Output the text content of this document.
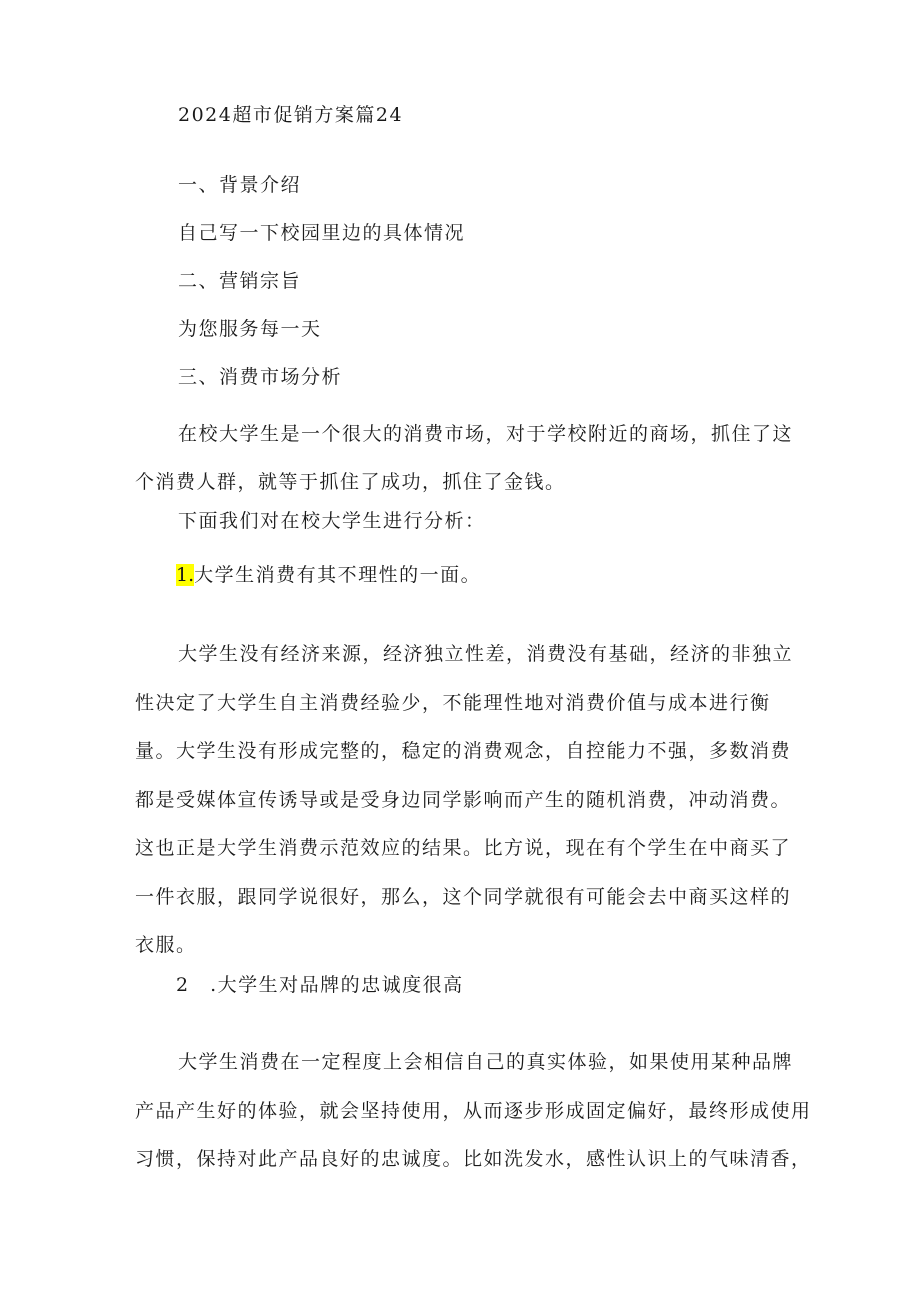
2024超市促销方案篇24
一、背景介绍
自己写一下校园里边的具体情况
二、营销宗旨
为您服务每一天
三、消费市场分析
在校大学生是一个很大的消费市场，对于学校附近的商场，抓住了这
个消费人群，就等于抓住了成功，抓住了金钱。
下面我们对在校大学生进行分析：
1.大学生消费有其不理性的一面。
大学生没有经济来源，经济独立性差，消费没有基础，经济的非独立
性决定了大学生自主消费经验少，不能理性地对消费价值与成本进行衡
量。大学生没有形成完整的，稳定的消费观念，自控能力不强，多数消费
都是受媒体宣传诱导或是受身边同学影响而产生的随机消费，冲动消费。
这也正是大学生消费示范效应的结果。比方说，现在有个学生在中商买了
一件衣服，跟同学说很好，那么，这个同学就很有可能会去中商买这样的
衣服。
2　.大学生对品牌的忠诚度很高
大学生消费在一定程度上会相信自己的真实体验，如果使用某种品牌
产品产生好的体验，就会坚持使用，从而逐步形成固定偏好，最终形成使用
习惯，保持对此产品良好的忠诚度。比如洗发水，感性认识上的气味清香，
